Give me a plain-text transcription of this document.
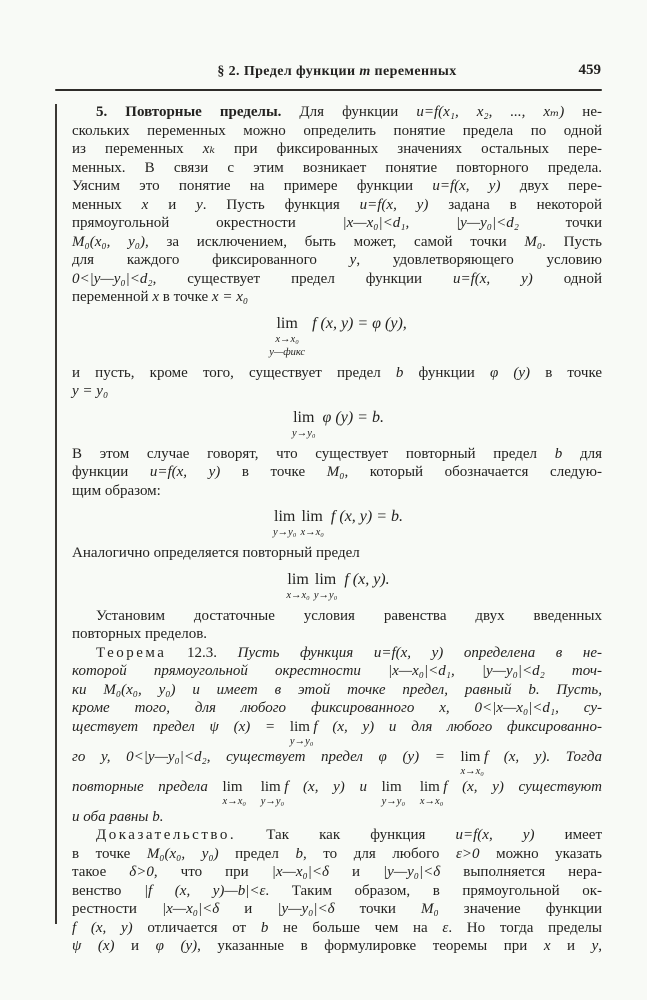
§ 2. Предел функции m переменных	459
5. Повторные пределы. Для функции u=f(x₁, x₂, ..., xₘ) не-
скольких переменных можно определить понятие предела по одной
из переменных xₖ при фиксированных значениях остальных пере-
менных. В связи с этим возникает понятие повторного предела.
Уясним это понятие на примере функции u=f(x, y) двух пере-
менных x и y. Пусть функция u=f(x, y) задана в некоторой
прямоугольной окрестности |x—x₀|<d₁, |y—y₀|<d₂ точки
M₀(x₀, y₀), за исключением, быть может, самой точки M₀. Пусть
для каждого фиксированного y, удовлетворяющего условию
0<|y—y₀|<d₂, существует предел функции u=f(x, y) одной
переменной x в точке x = x₀
lim
x→x₀
y—фикс
f (x, y) = φ (y),
и пусть, кроме того, существует предел b функции φ (y) в точке
y = y₀
lim
y→y₀
φ (y) = b.
В этом случае говорят, что существует повторный предел b для
функции u=f(x, y) в точке M₀, который обозначается следую-
щим образом:
lim
y→y₀
lim
x→x₀
f (x, y) = b.
Аналогично определяется повторный предел
lim
x→x₀
lim
y→y₀
f (x, y).
Установим достаточные условия равенства двух введенных
повторных пределов.
Теорема 12.3. Пусть функция u=f(x, y) определена в не-
которой прямоугольной окрестности |x—x₀|<d₁, |y—y₀|<d₂ точ-
ки M₀(x₀, y₀) и имеет в этой точке предел, равный b. Пусть,
кроме того, для любого фиксированного x, 0<|x—x₀|<d₁, су-
ществует предел ψ (x) = lim
y→y₀
f (x, y) и для любого фиксированно-
го y, 0<|y—y₀|<d₂, существует предел φ (y) = lim
x→x₀
f (x, y). Тогда
повторные предела lim
x→x₀

lim
y→y₀
f (x, y) и lim
y→y₀

lim
x→x₀
f (x, y) существуют
и оба равны b.
Доказательство. Так как функция u=f(x, y) имеет
в точке M₀(x₀, y₀) предел b, то для любого ε>0 можно указать
такое δ>0, что при |x—x₀|<δ и |y—y₀|<δ выполняется нера-
венство |f (x, y)—b|<ε. Таким образом, в прямоугольной ок-
рестности |x—x₀|<δ и |y—y₀|<δ точки M₀ значение функции
f (x, y) отличается от b не больше чем на ε. Но тогда пределы
ψ (x) и φ (y), указанные в формулировке теоремы при x и y,
